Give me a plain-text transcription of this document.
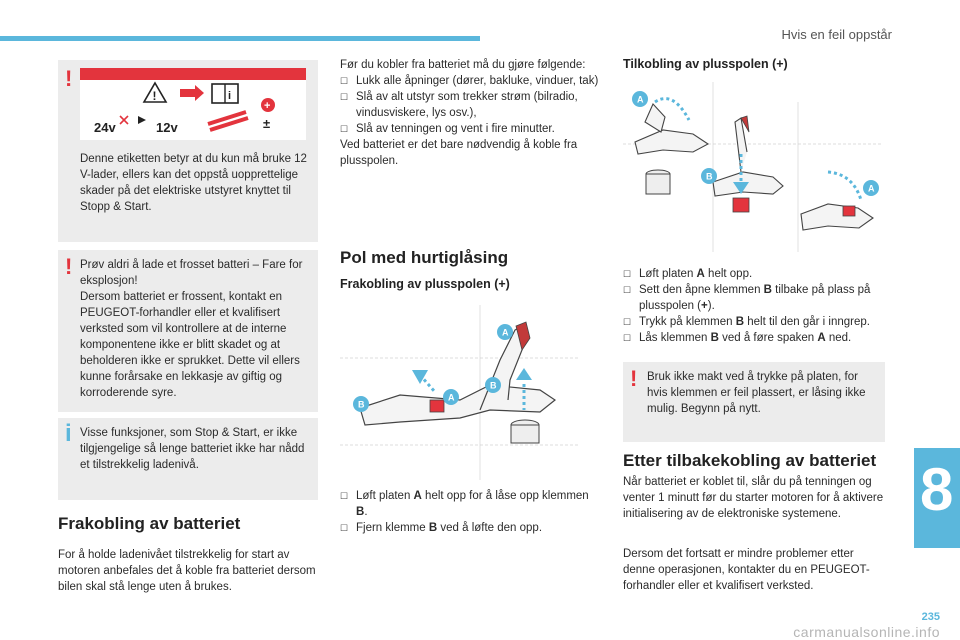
Hvis en feil oppstår
8
235
carmanualsonline.info
!

Denne etiketten betyr at du kun må bruke 12 V-lader, ellers kan det oppstå uopprettelige skader på det elektriske utstyret knyttet til Stopp & Start.

!	i
+
±
24v	12v
! Prøv aldri å lade et frosset batteri – Fare for eksplosjon!
Dersom batteriet er frossent, kontakt en PEUGEOT-forhandler eller et kvalifisert verksted som vil kontrollere at de interne komponentene ikke er blitt skadet og at beholderen ikke er sprukket. Dette vil ellers kunne forårsake en lekkasje av giftig og korroderende syre.

i Visse funksjoner, som Stop & Start, er ikke tilgjengelige så lenge batteriet ikke har nådd et tilstrekkelig ladenivå.

Frakobling av batteriet
For å holde ladenivået tilstrekkelig for start av motoren anbefales det å koble fra batteriet dersom bilen skal stå lenge uten å brukes.
Før du kobler fra batteriet må du gjøre følgende:
☐ Lukk alle åpninger (dører, bakluke, vinduer, tak)
☐ Slå av alt utstyr som trekker strøm (bilradio, vindusviskere, lys osv.),
☐ Slå av tenningen og vent i fire minutter.
Ved batteriet er det bare nødvendig å koble fra plusspolen.
Pol med hurtiglåsing
Frakobling av plusspolen (+)
A
B
A
B
☐ Løft platen A helt opp for å låse opp klemmen B.
☐ Fjern klemme B ved å løfte den opp.
Tilkobling av plusspolen (+)
A
B
A
☐ Løft platen A helt opp.
☐ Sett den åpne klemmen B tilbake på plass på plusspolen (+).
☐ Trykk på klemmen B helt til den går i inngrep.
☐ Lås klemmen B ved å føre spaken A ned.
! Bruk ikke makt ved å trykke på platen, for hvis klemmen er feil plassert, er låsing ikke mulig. Begynn på nytt.

Etter tilbakekobling av batteriet
Når batteriet er koblet til, slår du på tenningen og venter 1 minutt før du starter motoren for å aktivere initialisering av de elektroniske systemene.
Dersom det fortsatt er mindre problemer etter denne operasjonen, kontakter du en PEUGEOT-forhandler eller et kvalifisert verksted.
